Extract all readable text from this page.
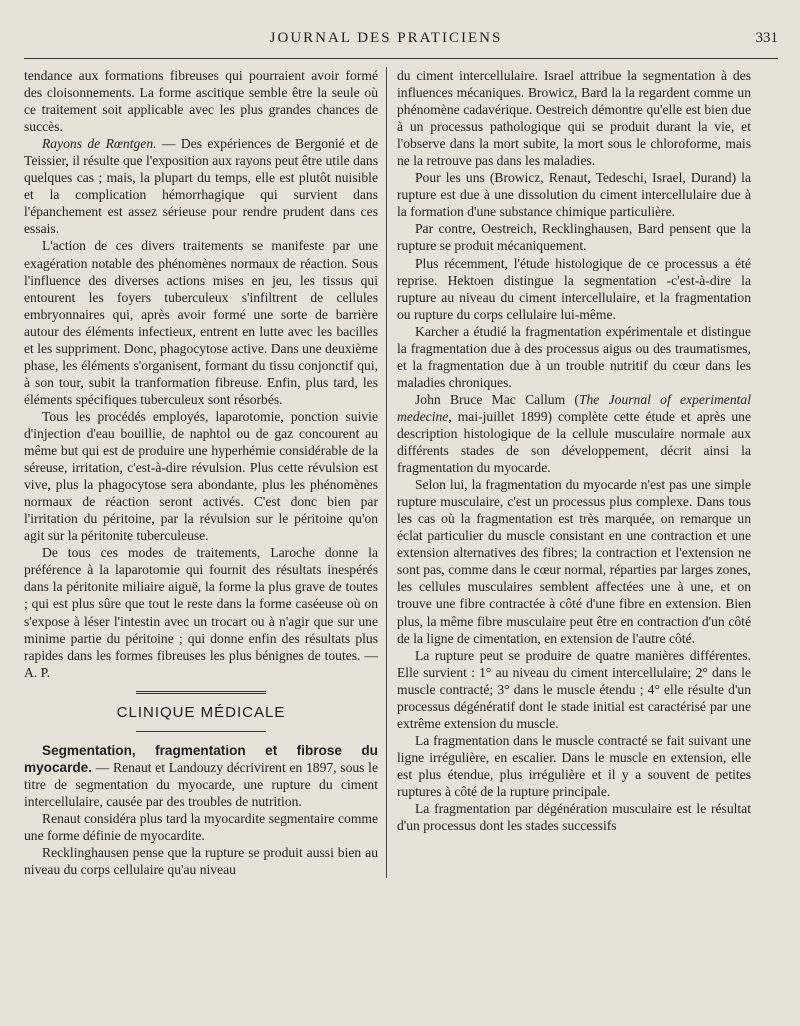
JOURNAL DES PRATICIENS	331

tendance aux formations fibreuses qui pourraient avoir formé des cloisonnements. La forme ascitique semble être la seule où ce traitement soit applicable avec les plus grandes chances de succès.

Rayons de Rœntgen. — Des expériences de Bergonié et de Teissier, il résulte que l'exposition aux rayons peut être utile dans quelques cas ; mais, la plupart du temps, elle est plutôt nuisible et la complication hémorrhagique qui survient dans l'épanchement est assez sérieuse pour rendre prudent dans ces essais.

L'action de ces divers traitements se manifeste par une exagération notable des phénomènes normaux de réaction. Sous l'influence des diverses actions mises en jeu, les tissus qui entourent les foyers tuberculeux s'infiltrent de cellules embryonnaires qui, après avoir formé une sorte de barrière autour des éléments infectieux, entrent en lutte avec les bacilles et les suppriment. Donc, phagocytose active. Dans une deuxième phase, les éléments s'organisent, formant du tissu conjonctif qui, à son tour, subit la tranformation fibreuse. Enfin, plus tard, les éléments spécifiques tuberculeux sont résorbés.

Tous les procédés employés, laparotomie, ponction suivie d'injection d'eau bouillie, de naphtol ou de gaz concourent au même but qui est de produire une hyperhémie considérable de la séreuse, irritation, c'est-à-dire révulsion. Plus cette révulsion est vive, plus la phagocytose sera abondante, plus les phénomènes normaux de réaction seront activés. C'est donc bien par l'irritation du péritoine, par la révulsion sur le péritoine qu'on agit sur la péritonite tuberculeuse.

De tous ces modes de traitements, Laroche donne la préférence à la laparotomie qui fournit des résultats inespérés dans la péritonite miliaire aiguë, la forme la plus grave de toutes ; qui est plus sûre que tout le reste dans la forme caséeuse où on s'expose à léser l'intestin avec un trocart ou à n'agir que sur une minime partie du péritoine ; qui donne enfin des résultats plus rapides dans les formes fibreuses les plus bénignes de toutes. — A. P.

CLINIQUE MÉDICALE

Segmentation, fragmentation et fibrose du myocarde. — Renaut et Landouzy décrivirent en 1897, sous le titre de segmentation du myocarde, une rupture du ciment intercellulaire, causée par des troubles de nutrition.

Renaut considéra plus tard la myocardite segmentaire comme une forme définie de myocardite.

Recklinghausen pense que la rupture se produit aussi bien au niveau du corps cellulaire qu'au niveau

du ciment intercellulaire. Israel attribue la segmentation à des influences mécaniques. Browicz, Bard la la regardent comme un phénomène cadavérique. Oestreich démontre qu'elle est bien due à un processus pathologique qui se produit durant la vie, et l'observe dans la mort subite, la mort sous le chloroforme, mais ne la retrouve pas dans les maladies.

Pour les uns (Browicz, Renaut, Tedeschi, Israel, Durand) la rupture est due à une dissolution du ciment intercellulaire due à la formation d'une substance chimique particulière.

Par contre, Oestreich, Recklinghausen, Bard pensent que la rupture se produit mécaniquement.

Plus récemment, l'étude histologique de ce processus a été reprise. Hektoen distingue la segmentation -c'est-à-dire la rupture au niveau du ciment intercellulaire, et la fragmentation ou rupture du corps cellulaire lui-même.

Karcher a étudié la fragmentation expérimentale et distingue la fragmentation due à des processus aigus ou des traumatismes, et la fragmentation due à un trouble nutritif du cœur dans les maladies chroniques.

John Bruce Mac Callum (The Journal of experimental medecine, mai-juillet 1899) complète cette étude et après une description histologique de la cellule musculaire normale aux différents stades de son développement, décrit ainsi la fragmentation du myocarde.

Selon lui, la fragmentation du myocarde n'est pas une simple rupture musculaire, c'est un processus plus complexe. Dans tous les cas où la fragmentation est très marquée, on remarque un éclat particulier du muscle consistant en une contraction et une extension alternatives des fibres; la contraction et l'extension ne sont pas, comme dans le cœur normal, réparties par larges zones, les cellules musculaires semblent affectées une à une, et on trouve une fibre contractée à côté d'une fibre en extension. Bien plus, la même fibre musculaire peut être en contraction d'un côté de la ligne de cimentation, en extension de l'autre côté.

La rupture peut se produire de quatre manières différentes. Elle survient : 1° au niveau du ciment intercellulaire; 2° dans le muscle contracté; 3° dans le muscle étendu ; 4° elle résulte d'un processus dégénératif dont le stade initial est caractérisé par une extrême extension du muscle.

La fragmentation dans le muscle contracté se fait suivant une ligne irrégulière, en escalier. Dans le muscle en extension, elle est plus étendue, plus irrégulière et il y a souvent de petites ruptures à côté de la rupture principale.

La fragmentation par dégénération musculaire est le résultat d'un processus dont les stades successifs
